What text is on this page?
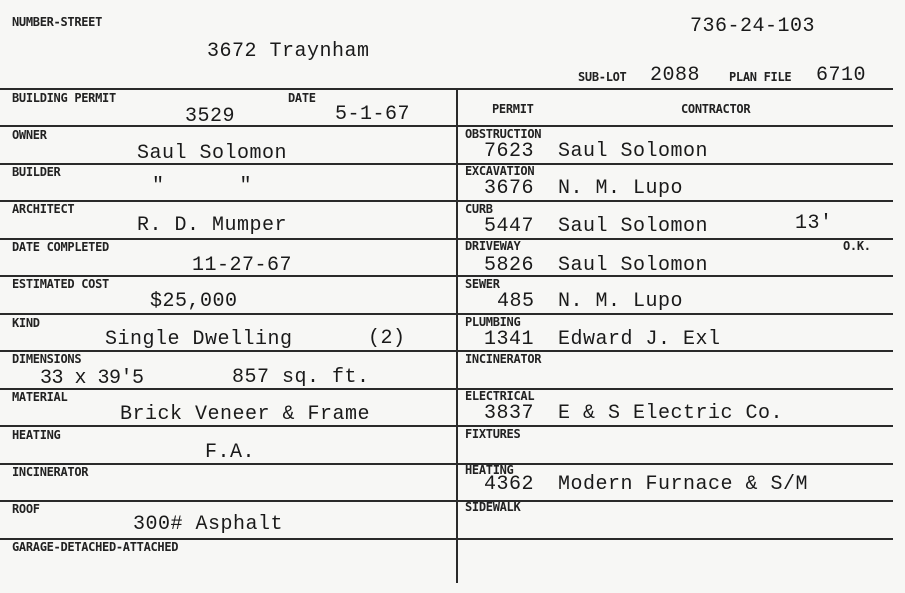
NUMBER-STREET
3672 Traynham
736-24-103
SUB-LOT 2088 PLAN FILE 6710
BUILDING PERMIT	DATE
3529	5-1-67
OWNER
Saul Solomon
BUILDER
"      "
ARCHITECT
R. D. Mumper
DATE COMPLETED
11-27-67
ESTIMATED COST
$25,000
KIND
Single Dwelling	(2)
DIMENSIONS
33 x 39'5	857 sq. ft.
MATERIAL
Brick Veneer & Frame
HEATING
F.A.
INCINERATOR
ROOF
300# Asphalt
GARAGE-DETACHED-ATTACHED
PERMIT	CONTRACTOR
OBSTRUCTION
7623 Saul Solomon
EXCAVATION
3676 N. M. Lupo
CURB
5447 Saul Solomon	13'
DRIVEWAY	O.K.
5826 Saul Solomon
SEWER
485 N. M. Lupo
PLUMBING
1341 Edward J. Exl
INCINERATOR
ELECTRICAL
3837 E & S Electric Co.
FIXTURES
HEATING
4362 Modern Furnace & S/M
SIDEWALK
